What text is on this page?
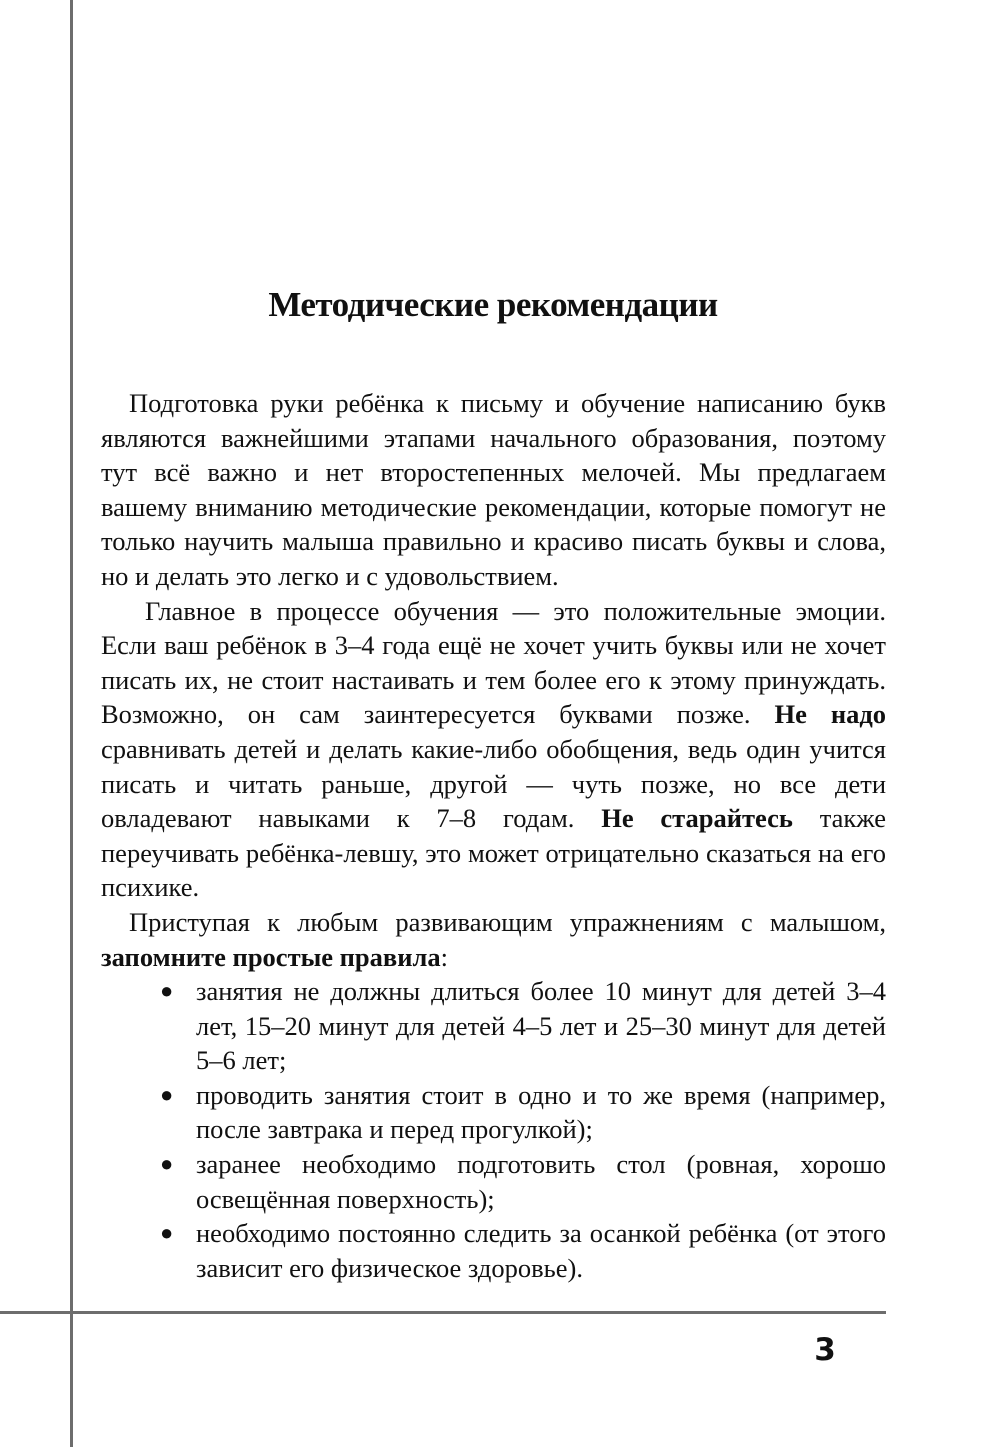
3
Методические рекомендации

Подготовка руки ребёнка к письму и обучение написанию букв являются важнейшими этапами начального образования, поэтому тут всё важно и нет второстепенных мелочей. Мы предлагаем вашему вниманию методические рекомендации, которые помогут не только научить малыша правильно и красиво писать буквы и слова, но и делать это легко и с удовольствием.

Главное в процессе обучения — это положительные эмоции. Если ваш ребёнок в 3–4 года ещё не хочет учить буквы или не хочет писать их, не стоит настаивать и тем более его к этому принуждать. Возможно, он сам заинтересуется буквами позже. Не надо сравнивать детей и делать какие-либо обобщения, ведь один учится писать и читать раньше, другой — чуть позже, но все дети овладевают навыками к 7–8 годам. Не старайтесь также переучивать ребёнка-левшу, это может отрицательно сказаться на его психике.

Приступая к любым развивающим упражнениям с малышом, запомните простые правила:

● занятия не должны длиться более 10 минут для детей 3–4 лет, 15–20 минут для детей 4–5 лет и 25–30 минут для детей 5–6 лет;
● проводить занятия стоит в одно и то же время (например, после завтрака и перед прогулкой);
● заранее необходимо подготовить стол (ровная, хорошо освещённая поверхность);
● необходимо постоянно следить за осанкой ребёнка (от этого зависит его физическое здоровье).
